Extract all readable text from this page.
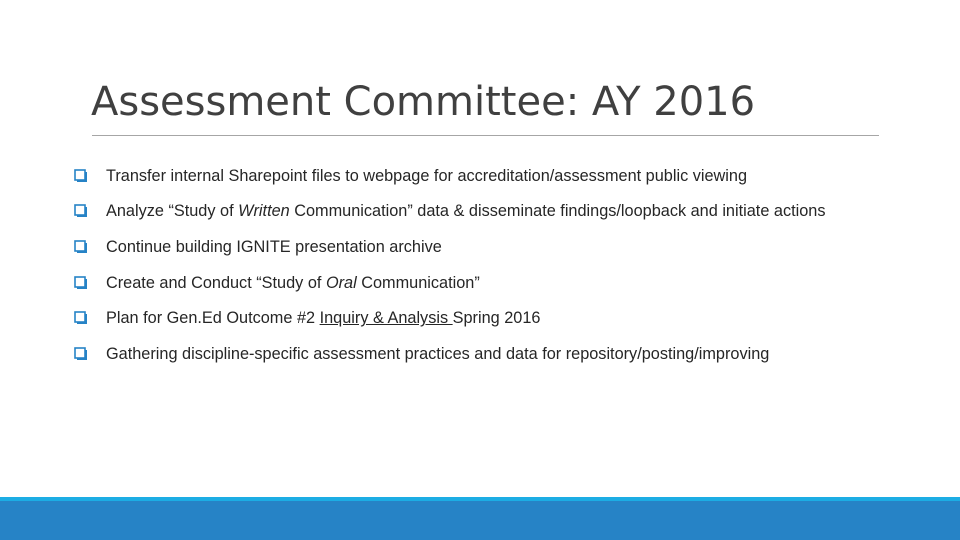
Assessment Committee: AY 2016
Transfer internal Sharepoint files to webpage for accreditation/assessment public viewing
Analyze “Study of Written Communication” data & disseminate findings/loopback and initiate actions
Continue building IGNITE presentation archive
Create and Conduct “Study of Oral Communication”
Plan for Gen.Ed Outcome #2 Inquiry & Analysis Spring 2016
Gathering discipline-specific assessment practices and data for repository/posting/improving
